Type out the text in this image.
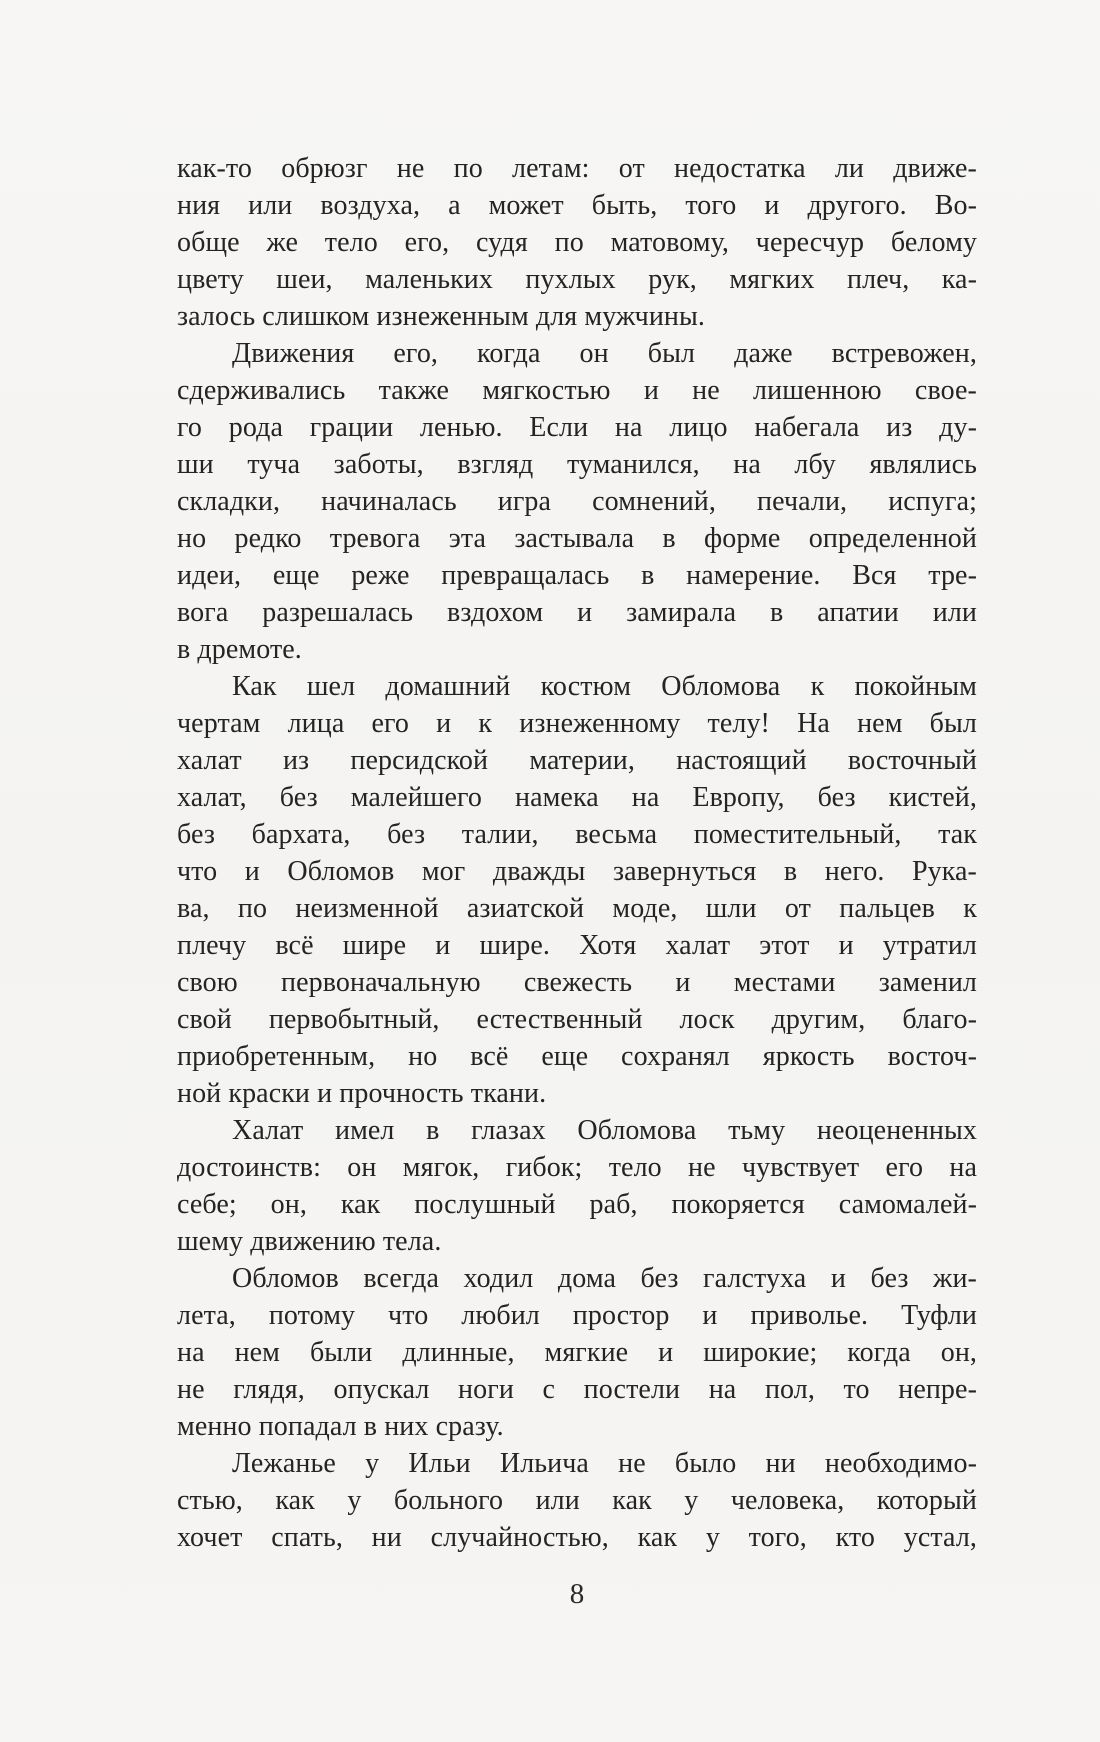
как-то обрюзг не по летам: от недостатка ли движе-
ния или воздуха, а может быть, того и другого. Во-
обще же тело его, судя по матовому, чересчур белому
цвету шеи, маленьких пухлых рук, мягких плеч, ка-
залось слишком изнеженным для мужчины.
Движения его, когда он был даже встревожен,
сдерживались также мягкостью и не лишенною свое-
го рода грации ленью. Если на лицо набегала из ду-
ши туча заботы, взгляд туманился, на лбу являлись
складки, начиналась игра сомнений, печали, испуга;
но редко тревога эта застывала в форме определенной
идеи, еще реже превращалась в намерение. Вся тре-
вога разрешалась вздохом и замирала в апатии или
в дремоте.
Как шел домашний костюм Обломова к покойным
чертам лица его и к изнеженному телу! На нем был
халат из персидской материи, настоящий восточный
халат, без малейшего намека на Европу, без кистей,
без бархата, без талии, весьма поместительный, так
что и Обломов мог дважды завернуться в него. Рука-
ва, по неизменной азиатской моде, шли от пальцев к
плечу всё шире и шире. Хотя халат этот и утратил
свою первоначальную свежесть и местами заменил
свой первобытный, естественный лоск другим, благо-
приобретенным, но всё еще сохранял яркость восточ-
ной краски и прочность ткани.
Халат имел в глазах Обломова тьму неоцененных
достоинств: он мягок, гибок; тело не чувствует его на
себе; он, как послушный раб, покоряется самомалей-
шему движению тела.
Обломов всегда ходил дома без галстуха и без жи-
лета, потому что любил простор и приволье. Туфли
на нем были длинные, мягкие и широкие; когда он,
не глядя, опускал ноги с постели на пол, то непре-
менно попадал в них сразу.
Лежанье у Ильи Ильича не было ни необходимо-
стью, как у больного или как у человека, который
хочет спать, ни случайностью, как у того, кто устал,
8
